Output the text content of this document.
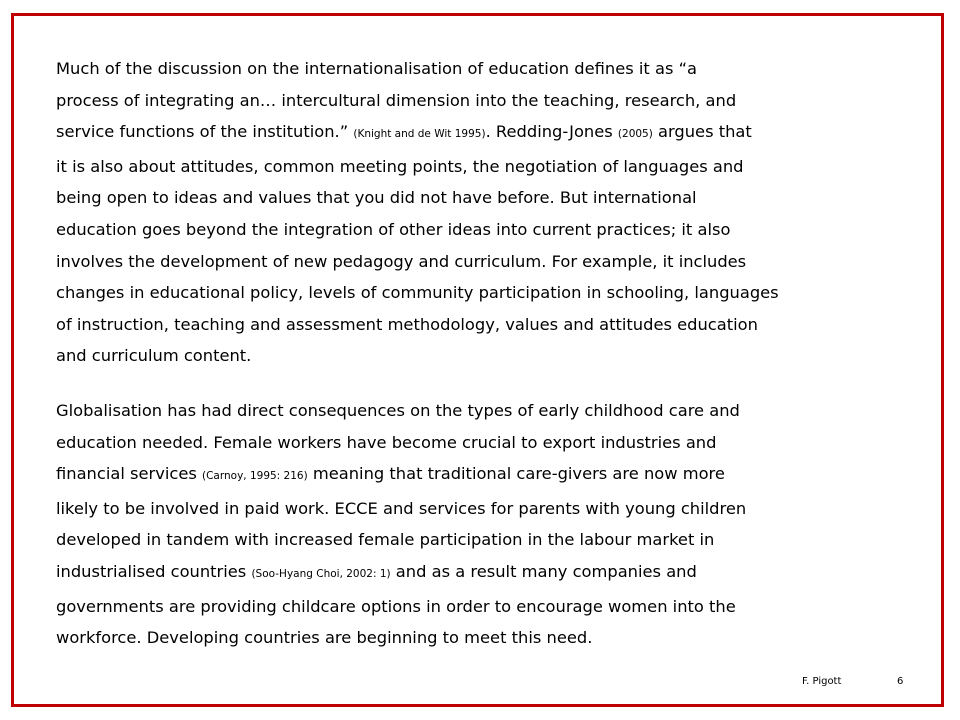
Much of the discussion on the internationalisation of education defines it as “a
process of integrating an… intercultural dimension into the teaching, research, and
service functions of the institution.” (Knight and de Wit 1995). Redding-Jones (2005) argues that
it is also about attitudes, common meeting points, the negotiation of languages and
being open to ideas and values that you did not have before. But international
education goes beyond the integration of other ideas into current practices; it also
involves the development of new pedagogy and curriculum. For example, it includes
changes in educational policy, levels of community participation in schooling, languages
of instruction, teaching and assessment methodology, values and attitudes education
and curriculum content.
Globalisation has had direct consequences on the types of early childhood care and
education needed. Female workers have become crucial to export industries and
financial services (Carnoy, 1995: 216) meaning that traditional care-givers are now more
likely to be involved in paid work. ECCE and services for parents with young children
developed in tandem with increased female participation in the labour market in
industrialised countries (Soo-Hyang Choi, 2002: 1) and as a result many companies and
governments are providing childcare options in order to encourage women into the
workforce. Developing countries are beginning to meet this need.
F. Pigott	6
